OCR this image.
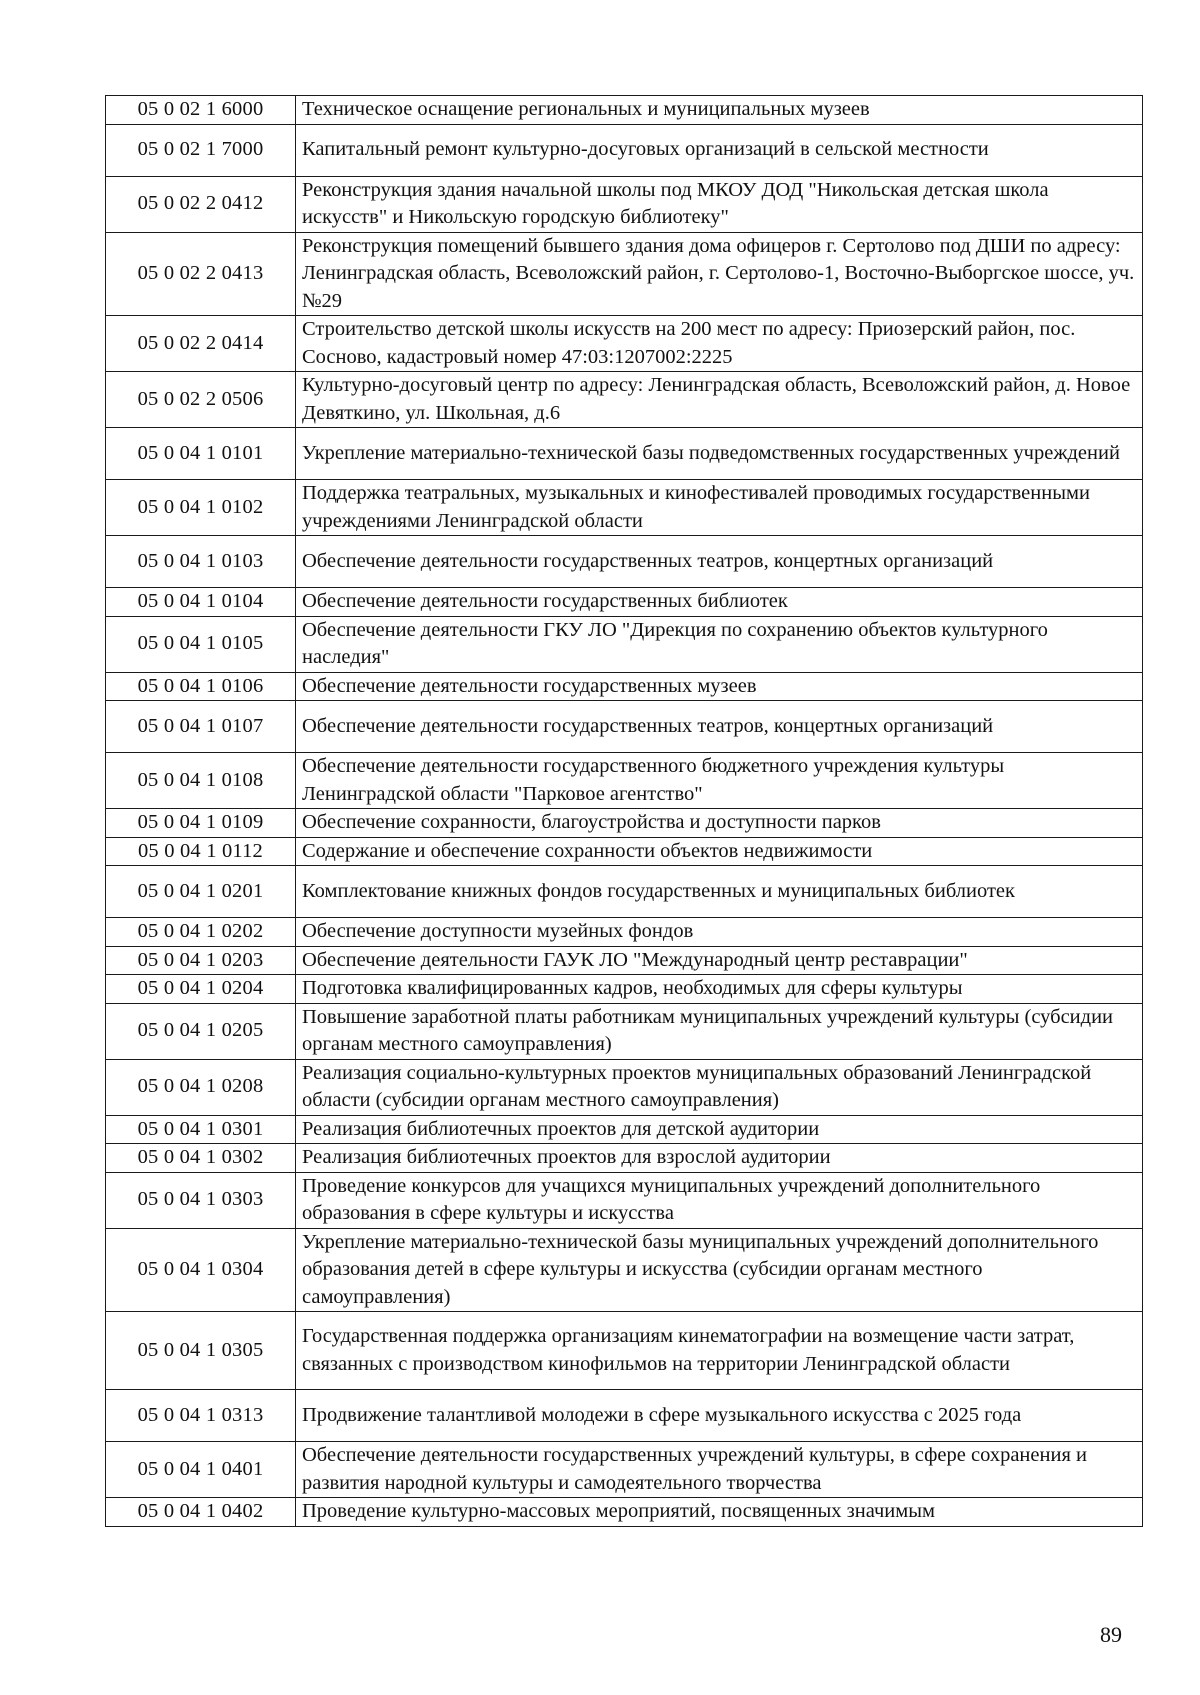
05 0 02 1 6000	Техническое оснащение региональных и муниципальных музеев
05 0 02 1 7000	Капитальный ремонт культурно-досуговых организаций в сельской местности
05 0 02 2 0412	Реконструкция здания начальной школы под МКОУ ДОД "Никольская детская школа искусств" и Никольскую городскую библиотеку"
05 0 02 2 0413	Реконструкция помещений бывшего здания дома офицеров г. Сертолово под ДШИ по адресу: Ленинградская область, Всеволожский район, г. Сертолово-1, Восточно-Выборгское шоссе, уч.№29
05 0 02 2 0414	Строительство детской школы искусств на 200 мест по адресу: Приозерский район, пос. Сосново, кадастровый номер 47:03:1207002:2225
05 0 02 2 0506	Культурно-досуговый центр по адресу: Ленинградская область, Всеволожский район, д. Новое Девяткино, ул. Школьная, д.6
05 0 04 1 0101	Укрепление материально-технической базы подведомственных государственных учреждений
05 0 04 1 0102	Поддержка театральных, музыкальных и кинофестивалей проводимых государственными учреждениями Ленинградской области
05 0 04 1 0103	Обеспечение деятельности государственных театров, концертных организаций
05 0 04 1 0104	Обеспечение деятельности государственных библиотек
05 0 04 1 0105	Обеспечение деятельности ГКУ ЛО "Дирекция по сохранению объектов культурного наследия"
05 0 04 1 0106	Обеспечение деятельности государственных музеев
05 0 04 1 0107	Обеспечение деятельности государственных театров, концертных организаций
05 0 04 1 0108	Обеспечение деятельности государственного бюджетного учреждения культуры Ленинградской области "Парковое агентство"
05 0 04 1 0109	Обеспечение сохранности, благоустройства и доступности парков
05 0 04 1 0112	Содержание и обеспечение сохранности объектов недвижимости
05 0 04 1 0201	Комплектование книжных фондов государственных и муниципальных библиотек
05 0 04 1 0202	Обеспечение доступности музейных фондов
05 0 04 1 0203	Обеспечение деятельности ГАУК ЛО "Международный центр реставрации"
05 0 04 1 0204	Подготовка квалифицированных кадров, необходимых для сферы культуры
05 0 04 1 0205	Повышение заработной платы работникам муниципальных учреждений культуры (субсидии органам местного самоуправления)
05 0 04 1 0208	Реализация социально-культурных проектов муниципальных образований Ленинградской области (субсидии органам местного самоуправления)
05 0 04 1 0301	Реализация библиотечных проектов для детской аудитории
05 0 04 1 0302	Реализация библиотечных проектов для взрослой аудитории
05 0 04 1 0303	Проведение конкурсов для учащихся муниципальных учреждений дополнительного образования в сфере культуры и искусства
05 0 04 1 0304	Укрепление материально-технической базы муниципальных учреждений дополнительного образования детей в сфере культуры и искусства (субсидии органам местного самоуправления)
05 0 04 1 0305	Государственная поддержка организациям кинематографии на возмещение части затрат, связанных с производством кинофильмов на территории Ленинградской области
05 0 04 1 0313	Продвижение талантливой молодежи в сфере музыкального искусства с 2025 года
05 0 04 1 0401	Обеспечение деятельности государственных учреждений культуры, в сфере сохранения и развития народной культуры и самодеятельного творчества
05 0 04 1 0402	Проведение культурно-массовых мероприятий, посвященных значимым
89
